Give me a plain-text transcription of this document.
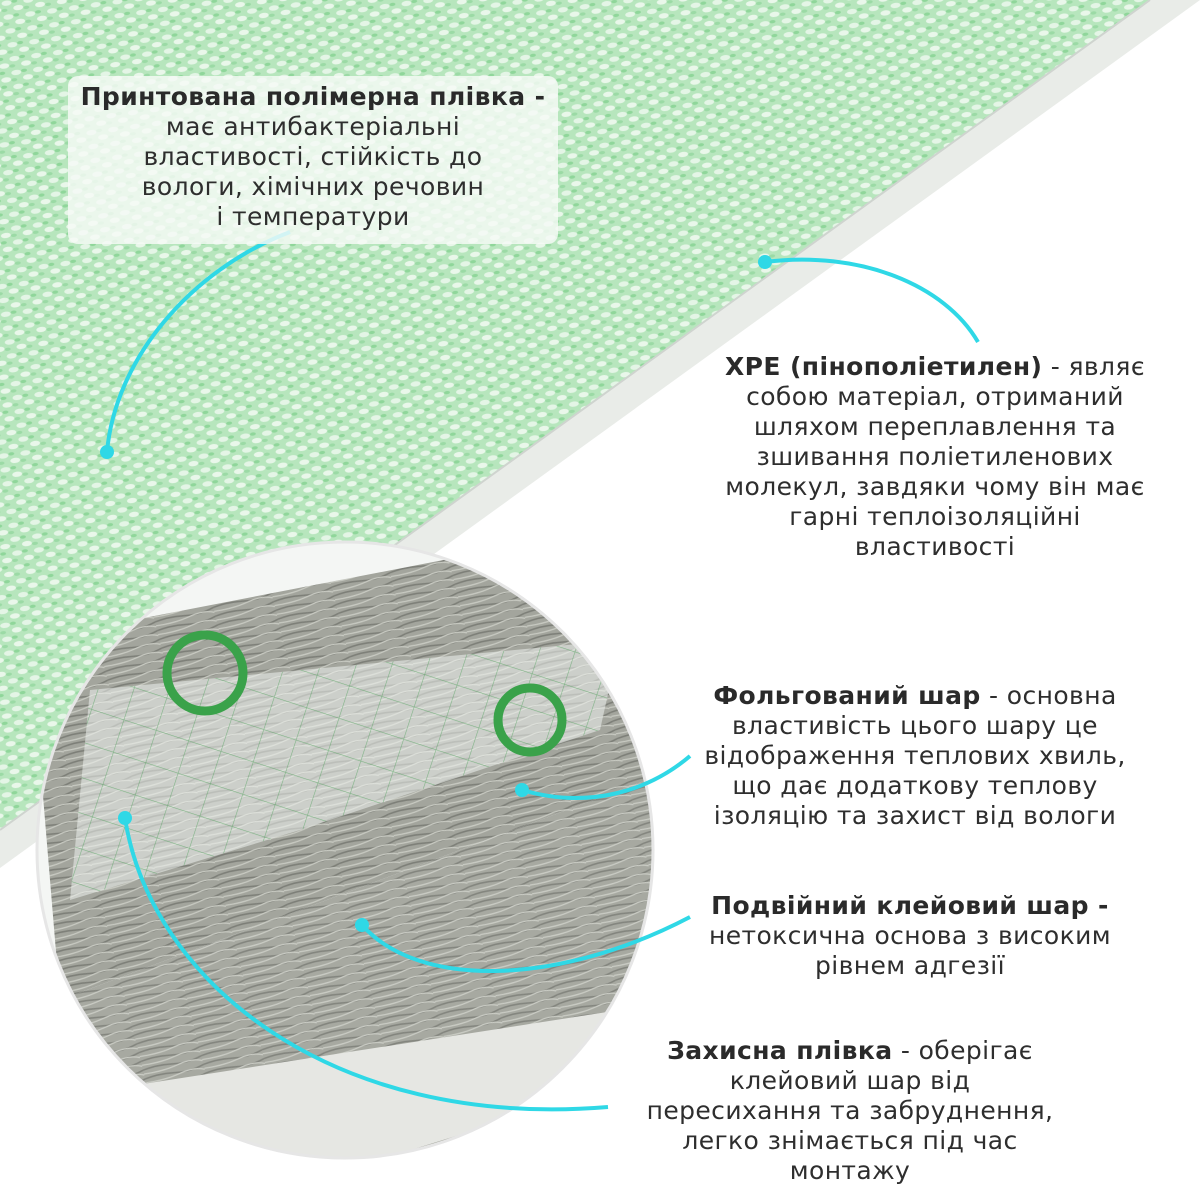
Принтована полімерна плівка -
має антибактеріальні
властивості, стійкість до
вологи, хімічних речовин
і температури
XPE (пінополіетилен) - являє
собою матеріал, отриманий
шляхом переплавлення та
зшивання поліетиленових
молекул, завдяки чому він має
гарні теплоізоляційні
властивості
Фольгований шар - основна
властивість цього шару це
відображення теплових хвиль,
що дає додаткову теплову
ізоляцію та захист від вологи
Подвійний клейовий шар -
нетоксична основа з високим
рівнем адгезії
Захисна плівка - оберігає
клейовий шар від
пересихання та забруднення,
легко знімається під час
монтажу
